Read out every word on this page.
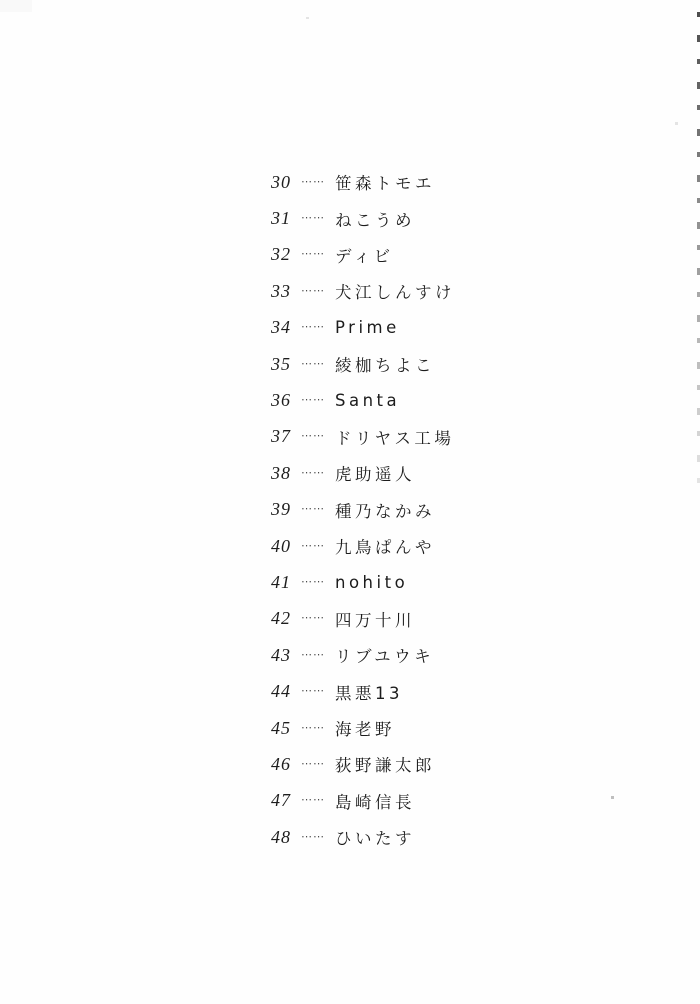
30 ⋯⋯ 笹森トモエ
31 ⋯⋯ ねこうめ
32 ⋯⋯ ディビ
33 ⋯⋯ 犬江しんすけ
34 ⋯⋯ Prime
35 ⋯⋯ 綾枷ちよこ
36 ⋯⋯ Santa
37 ⋯⋯ ドリヤス工場
38 ⋯⋯ 虎助遥人
39 ⋯⋯ 種乃なかみ
40 ⋯⋯ 九鳥ぱんや
41 ⋯⋯ nohito
42 ⋯⋯ 四万十川
43 ⋯⋯ リブユウキ
44 ⋯⋯ 黒悪13
45 ⋯⋯ 海老野
46 ⋯⋯ 荻野謙太郎
47 ⋯⋯ 島崎信長
48 ⋯⋯ ひいたす
